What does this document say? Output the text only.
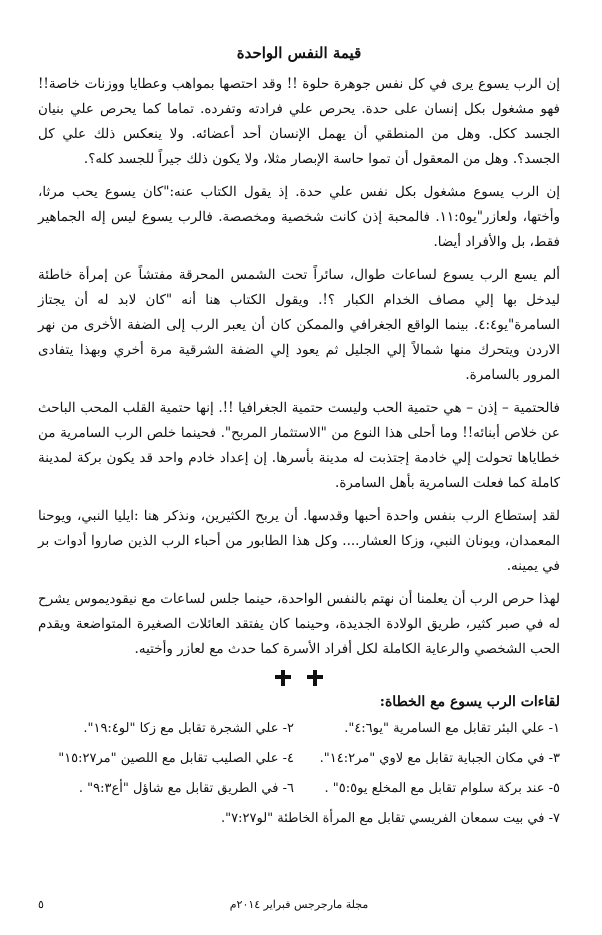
قيمة النفس الواحدة

إن الرب يسوع يرى في كل نفس جوهرة حلوة !! وقد احتصها بمواهب وعطايا ووزنات خاصة!! فهو مشغول بكل إنسان على حدة. يحرص علي فرادته وتفرده. تماما كما يحرص علي بنيان الجسد ككل. وهل من المنطقي أن يهمل الإنسان أحد أعضائه. ولا ينعكس ذلك علي كل الجسد؟. وهل من المعقول أن تموا حاسة الإبصار مثلا، ولا يكون ذلك جيراً للجسد كله؟.

إن الرب يسوع مشغول بكل نفس علي حدة. إذ يقول الكتاب عنه:"كان يسوع يحب مرثا، وأختها، ولعازر"يو١١:٥. فالمحبة إذن كانت شخصية ومخصصة. فالرب يسوع ليس إله الجماهير فقط، بل والأفراد أيضا.

ألم يسع الرب يسوع لساعات طوال، سائراً تحت الشمس المحرقة مفتشاً عن إمرأة خاطئة ليدخل بها إلي مصاف الخدام الكبار ؟!. ويقول الكتاب هنا أنه "كان لابد له أن يجتاز السامرة"يو٤:٤. بينما الواقع الجغرافي والممكن كان أن يعبر الرب إلى الضفة الأخرى من نهر الاردن ويتحرك منها شمالاً إلي الجليل ثم يعود إلي الضفة الشرقية مرة أخري وبهذا يتفادى المرور بالسامرة.

فالحتمية – إذن – هي حتمية الحب وليست حتمية الجغرافيا !!. إنها حتمية القلب المحب الباحث عن خلاص أبنائه!! وما أحلى هذا النوع من "الاستثمار المربح". فحينما خلص الرب السامرية من خطاياها تحولت إلي خادمة إجتذبت له مدينة بأسرها. إن إعداد خادم واحد قد يكون بركة لمدينة كاملة كما فعلت السامرية بأهل السامرة.

لقد إستطاع الرب بنفس واحدة أحبها وقدسها. أن يربح الكثيرين، ونذكر هنا :ايليا النبي، ويوحنا المعمدان، ويونان النبي، وزكا العشار.... وكل هذا الطابور من أحباء الرب الذين صاروا أدوات بر في يمينه.

لهذا حرص الرب أن يعلمنا أن نهتم بالنفس الواحدة، حينما جلس لساعات مع نيقوديموس يشرح له في صبر كثير، طريق الولادة الجديدة، وحينما كان يفتقد العائلات الصغيرة المتواضعة ويقدم الحب الشخصي والرعاية الكاملة لكل أفراد الأسرة كما حدث مع لعازر وأختيه.

لقاءات الرب يسوع مع الخطاة:
١- علي البئر تقابل مع السامرية "يو٤:٦".
٢- علي الشجرة تقابل مع زكا "لو١٩:٤".
٣- في مكان الجباية تقابل مع لاوي "مر١٤:٢".
٤- علي الصليب تقابل مع اللصين "مر١٥:٢٧"
٥- عند بركة سلوام تقابل مع المخلع يو٥:٥" .
٦- في الطريق تقابل مع شاؤل "أع٩:٣" .
٧- في بيت سمعان الفريسي تقابل مع المرأة الخاطئة "لو٧:٢٧".
مجلة مارجرجس فبراير ٢٠١٤م
٥
